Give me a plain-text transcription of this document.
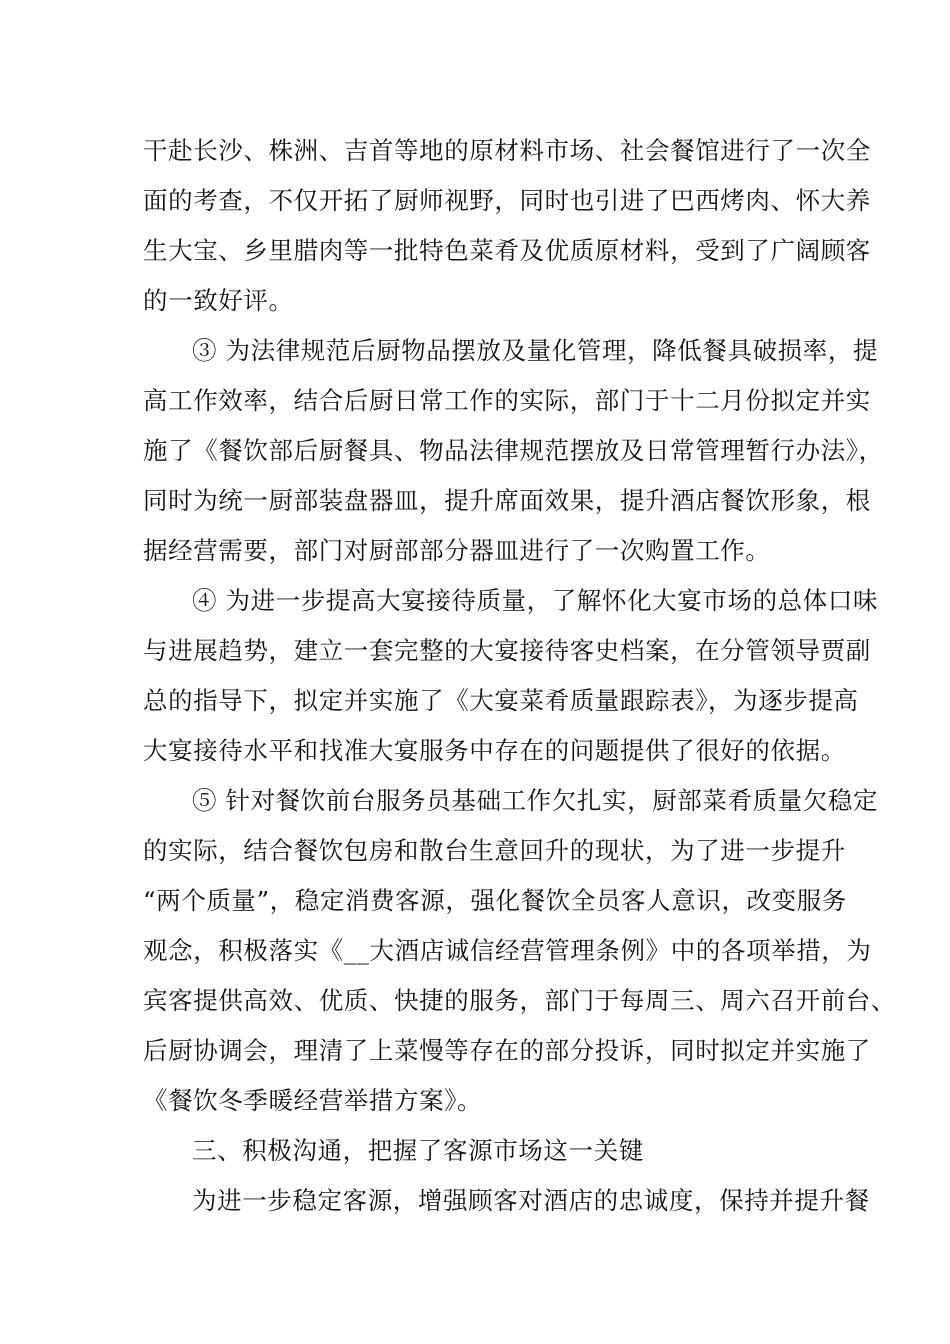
干赴长沙、株洲、吉首等地的原材料市场、社会餐馆进行了一次全
面的考查，不仅开拓了厨师视野，同时也引进了巴西烤肉、怀大养
生大宝、乡里腊肉等一批特色菜肴及优质原材料，受到了广阔顾客
的一致好评。
③ 为法律规范后厨物品摆放及量化管理，降低餐具破损率，提
高工作效率，结合后厨日常工作的实际，部门于十二月份拟定并实
施了《餐饮部后厨餐具、物品法律规范摆放及日常管理暂行办法》，
同时为统一厨部装盘器皿，提升席面效果，提升酒店餐饮形象，根
据经营需要，部门对厨部部分器皿进行了一次购置工作。
④ 为进一步提高大宴接待质量，了解怀化大宴市场的总体口味
与进展趋势，建立一套完整的大宴接待客史档案，在分管领导贾副
总的指导下，拟定并实施了《大宴菜肴质量跟踪表》，为逐步提高
大宴接待水平和找准大宴服务中存在的问题提供了很好的依据。
⑤ 针对餐饮前台服务员基础工作欠扎实，厨部菜肴质量欠稳定
的实际，结合餐饮包房和散台生意回升的现状，为了进一步提升
“两个质量”，稳定消费客源，强化餐饮全员客人意识，改变服务
观念，积极落实《__大酒店诚信经营管理条例》中的各项举措，为
宾客提供高效、优质、快捷的服务，部门于每周三、周六召开前台、
后厨协调会，理清了上菜慢等存在的部分投诉，同时拟定并实施了
《餐饮冬季暖经营举措方案》。
三、积极沟通，把握了客源市场这一关键
为进一步稳定客源，增强顾客对酒店的忠诚度，保持并提升餐
